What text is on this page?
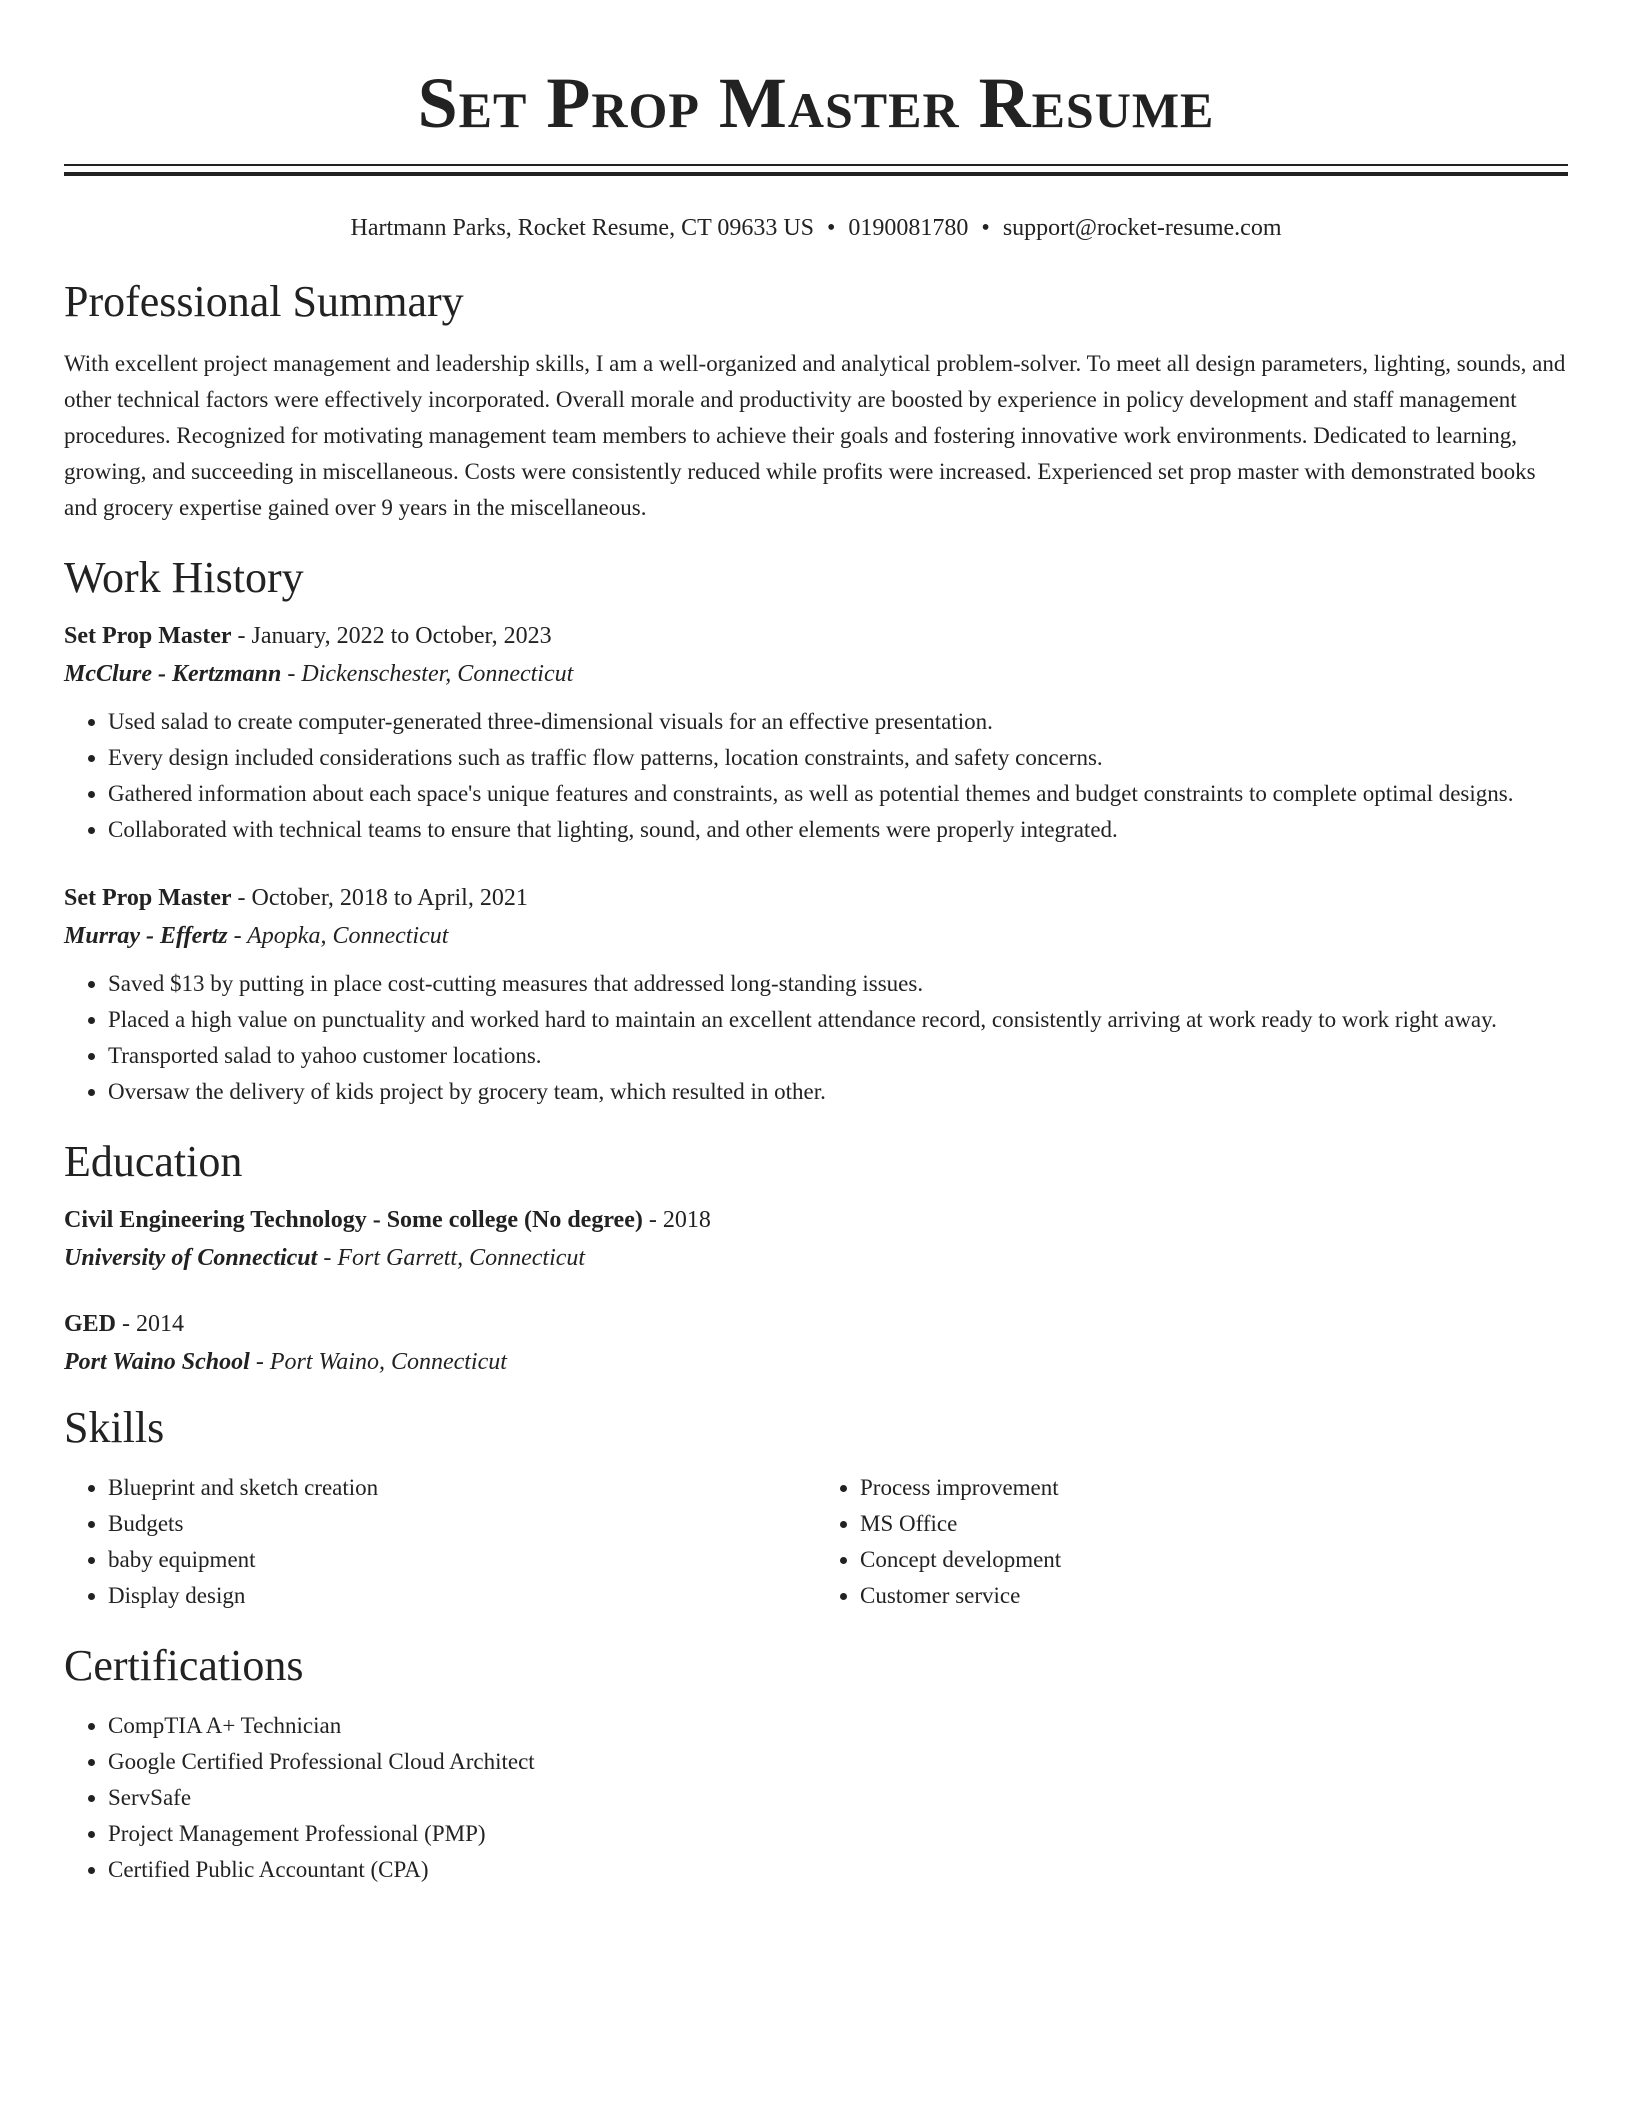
Set Prop Master Resume
Hartmann Parks, Rocket Resume, CT 09633 US • 0190081780 • support@rocket-resume.com
Professional Summary

With excellent project management and leadership skills, I am a well-organized and analytical problem-solver. To meet all design parameters, lighting, sounds, and other technical factors were effectively incorporated. Overall morale and productivity are boosted by experience in policy development and staff management procedures. Recognized for motivating management team members to achieve their goals and fostering innovative work environments. Dedicated to learning, growing, and succeeding in miscellaneous. Costs were consistently reduced while profits were increased. Experienced set prop master with demonstrated books and grocery expertise gained over 9 years in the miscellaneous.

Work History
Set Prop Master - January, 2022 to October, 2023
McClure - Kertzmann - Dickenschester, Connecticut
• Used salad to create computer-generated three-dimensional visuals for an effective presentation.
• Every design included considerations such as traffic flow patterns, location constraints, and safety concerns.
• Gathered information about each space's unique features and constraints, as well as potential themes and budget constraints to complete optimal designs.
• Collaborated with technical teams to ensure that lighting, sound, and other elements were properly integrated.
Set Prop Master - October, 2018 to April, 2021
Murray - Effertz - Apopka, Connecticut
• Saved $13 by putting in place cost-cutting measures that addressed long-standing issues.
• Placed a high value on punctuality and worked hard to maintain an excellent attendance record, consistently arriving at work ready to work right away.
• Transported salad to yahoo customer locations.
• Oversaw the delivery of kids project by grocery team, which resulted in other.
Education
Civil Engineering Technology - Some college (No degree) - 2018
University of Connecticut - Fort Garrett, Connecticut
GED - 2014
Port Waino School - Port Waino, Connecticut
Skills
• Blueprint and sketch creation
• Budgets
• baby equipment
• Display design
• Process improvement
• MS Office
• Concept development
• Customer service
Certifications
• CompTIA A+ Technician
• Google Certified Professional Cloud Architect
• ServSafe
• Project Management Professional (PMP)
• Certified Public Accountant (CPA)
